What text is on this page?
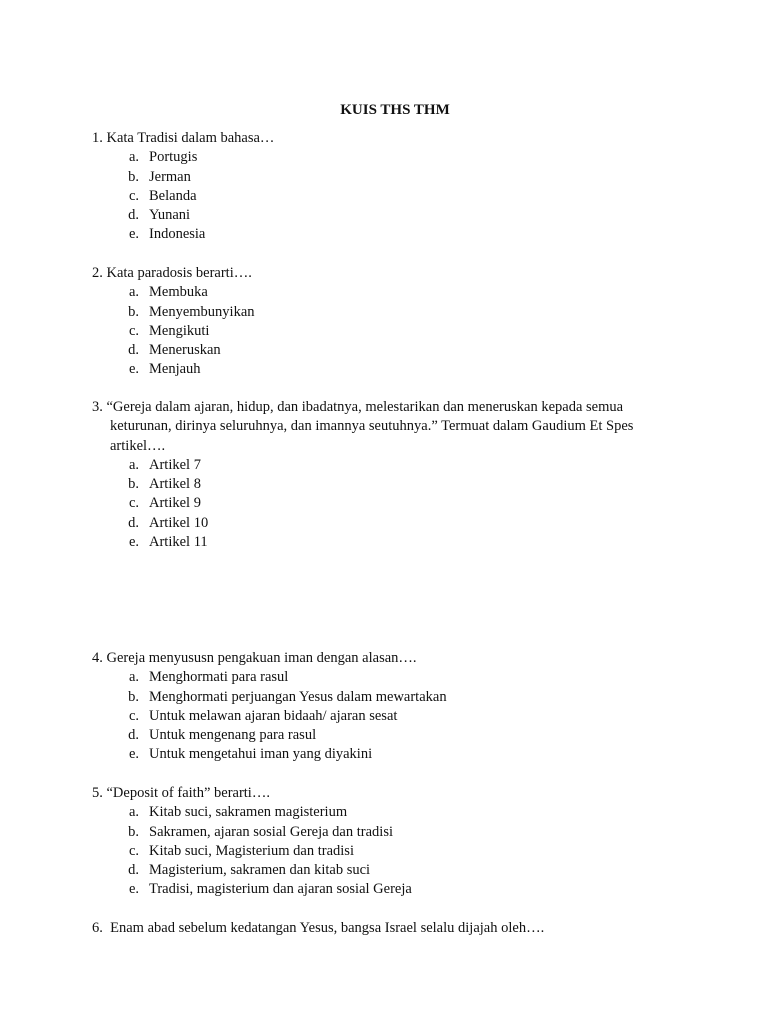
KUIS THS THM
1.
Kata Tradisi dalam bahasa…
a. Portugis
b. Jerman
c. Belanda
d. Yunani
e. Indonesia
2.
Kata paradosis berarti….
a. Membuka
b. Menyembunyikan
c. Mengikuti
d. Meneruskan
e. Menjauh
3. “Gereja dalam ajaran, hidup, dan ibadatnya, melestarikan dan meneruskan kepada semua keturunan, dirinya seluruhnya, dan imannya seutuhnya.” Termuat dalam Gaudium Et Spes artikel….
a. Artikel 7
b. Artikel 8
c. Artikel 9
d. Artikel 10
e. Artikel 11
4.
Gereja menyususn pengakuan iman dengan alasan….
a. Menghormati para rasul
b. Menghormati perjuangan Yesus dalam mewartakan
c. Untuk melawan ajaran bidaah/ ajaran sesat
d. Untuk mengenang para rasul
e. Untuk mengetahui iman yang diyakini
5.
“Deposit of faith” berarti….
a. Kitab suci, sakramen magisterium
b. Sakramen, ajaran sosial Gereja dan tradisi
c. Kitab suci, Magisterium dan tradisi
d. Magisterium, sakramen dan kitab suci
e. Tradisi, magisterium dan ajaran sosial Gereja
6.
Enam abad sebelum kedatangan Yesus, bangsa Israel selalu dijajah oleh….
